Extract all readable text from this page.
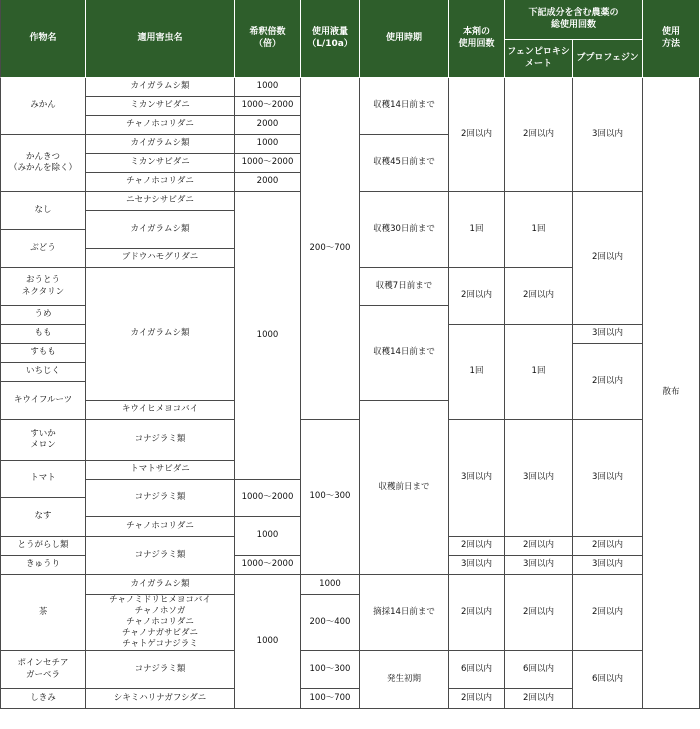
作物名	適用害虫名
希釈倍数
（倍）
使用液量
（L/10a）
使用時期
本剤の
使用回数
下記成分を含む農薬の
総使用回数
フェンピロキシ
メート
ブプロフェジン
使用
方法
みかん
かんきつ
（みかんを除く）
なし
ぶどう
おうとう
ネクタリン
うめ
もも
すもも
いちじく
キウイフルーツ
すいか
メロン
トマト
なす
とうがらし類
きゅうり
茶
ポインセチア
ガーベラ
しきみ
カイガラムシ類
ミカンサビダニ
チャノホコリダニ
カイガラムシ類
ミカンサビダニ
チャノホコリダニ
ニセナシサビダニ
カイガラムシ類
ブドウハモグリダニ
カイガラムシ類
キウイヒメヨコバイ
コナジラミ類
トマトサビダニ
コナジラミ類
チャノホコリダニ
コナジラミ類
カイガラムシ類
チャノミドリヒメヨコバイ
チャノホソガ
チャノホコリダニ
チャノナガサビダニ
チャトゲコナジラミ
コナジラミ類
シキミハリナガフシダニ
1000
1000～2000
2000
1000
1000～2000
2000
1000
1000～2000
1000
1000～2000
1000
200～700
100～300
1000
200～400
100～300
100～700
収穫14日前まで
収穫45日前まで
収穫30日前まで
収穫7日前まで
収穫14日前まで
収穫前日まで
摘採14日前まで
発生初期
2回以内
1回
2回以内
1回
3回以内
2回以内
3回以内
2回以内
6回以内
2回以内
2回以内
1回
2回以内
1回
3回以内
2回以内
3回以内
2回以内
6回以内
2回以内
3回以内
2回以内
3回以内
2回以内
3回以内
2回以内
3回以内
2回以内
6回以内
散布
